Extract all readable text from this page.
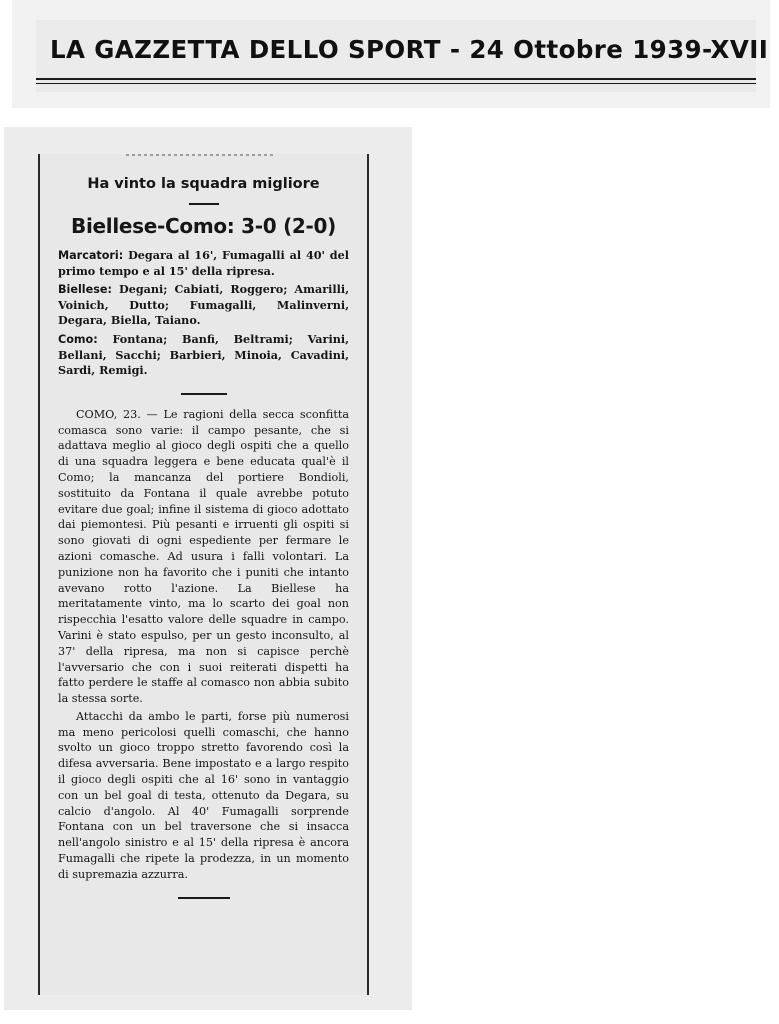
LA GAZZETTA DELLO SPORT - 24 Ottobre 1939-XVII

Ha vinto la squadra migliore

Biellese-Como: 3-0 (2-0)

Marcatori: Degara al 16', Fumagalli al 40' del primo tempo e al 15' della ripresa.

Biellese: Degani; Cabiati, Roggero; Amarilli, Voinich, Dutto; Fumagalli, Malinverni, Degara, Biella, Taiano.

Como: Fontana; Banfi, Beltrami; Varini, Bellani, Sacchi; Barbieri, Minoia, Cavadini, Sardi, Remigi.

COMO, 23. — Le ragioni della secca sconfitta comasca sono varie: il campo pesante, che si adattava meglio al gioco degli ospiti che a quello di una squadra leggera e bene educata qual'è il Como; la mancanza del portiere Bondioli, sostituito da Fontana il quale avrebbe potuto evitare due goal; infine il sistema di gioco adottato dai piemontesi. Più pesanti e irruenti gli ospiti si sono giovati di ogni espediente per fermare le azioni comasche. Ad usura i falli volontari. La punizione non ha favorito che i puniti che intanto avevano rotto l'azione. La Biellese ha meritatamente vinto, ma lo scarto dei goal non rispecchia l'esatto valore delle squadre in campo. Varini è stato espulso, per un gesto inconsulto, al 37' della ripresa, ma non si capisce perchè l'avversario che con i suoi reiterati dispetti ha fatto perdere le staffe al comasco non abbia subito la stessa sorte.

Attacchi da ambo le parti, forse più numerosi ma meno pericolosi quelli comaschi, che hanno svolto un gioco troppo stretto favorendo così la difesa avversaria. Bene impostato e a largo respito il gioco degli ospiti che al 16' sono in vantaggio con un bel goal di testa, ottenuto da Degara, su calcio d'angolo. Al 40' Fumagalli sorprende Fontana con un bel traversone che si insacca nell'angolo sinistro e al 15' della ripresa è ancora Fumagalli che ripete la prodezza, in un momento di supremazia azzurra.
